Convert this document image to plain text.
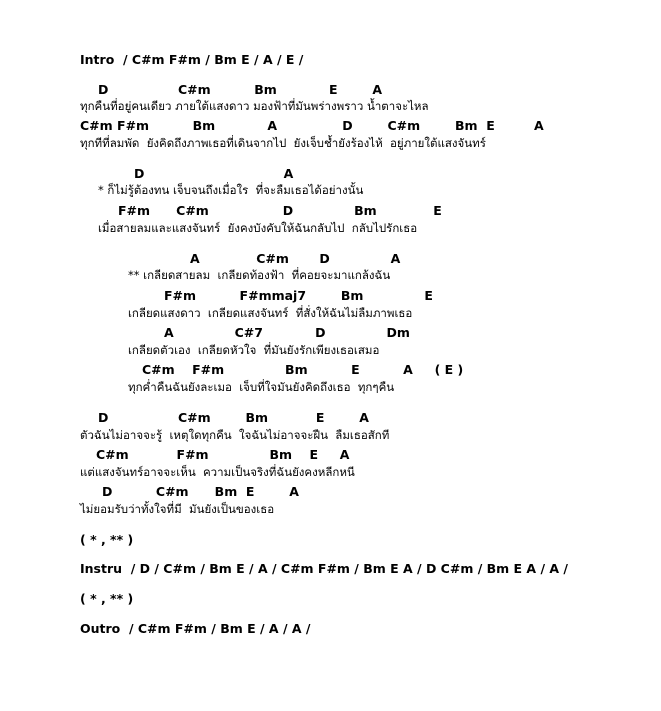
Intro  / C#m F#m / Bm E / A / E /
D                C#m          Bm            E        A
ทุกคืนที่อยู่คนเดียว ภายใต้แสงดาว มองฟ้าที่มันพร่างพราว น้ำตาจะไหล
C#m F#m          Bm            A               D        C#m        Bm  E         A
ทุกทีที่ลมพัด  ยังคิดถึงภาพเธอที่เดินจากไป  ยังเจ็บช้ำยังร้องไห้  อยู่ภายใต้แสงจันทร์
D                                A
* ก็ไม่รู้ต้องทน เจ็บจนถึงเมื่อใร  ที่จะลืมเธอได้อย่างนั้น
F#m      C#m                 D              Bm             E
เมื่อสายลมและแสงจันทร์  ยังคงบังคับให้ฉันกลับไป  กลับไปรักเธอ
A             C#m       D              A
** เกลียดสายลม  เกลียดท้องฟ้า  ที่คอยจะมาแกล้งฉัน
F#m          F#mmaj7        Bm              E
เกลียดแสงดาว  เกลียดแสงจันทร์  ที่สั่งให้ฉันไม่ลืมภาพเธอ
A              C#7            D              Dm
เกลียดตัวเอง  เกลียดหัวใจ  ที่มันยังรักเพียงเธอเสมอ
C#m    F#m              Bm          E          A     ( E )
ทุกค่ำคืนฉันยังละเมอ  เจ็บที่ใจมันยังคิดถึงเธอ  ทุกๆคืน
D                C#m        Bm           E        A
ตัวฉันไม่อาจจะรู้  เหตุใดทุกคืน  ใจฉันไม่อาจจะฝืน  ลืมเธอสักที
C#m           F#m              Bm    E     A
แต่แสงจันทร์อาจจะเห็น  ความเป็นจริงที่ฉันยังคงหลีกหนี
D          C#m      Bm  E        A
ไม่ยอมรับว่าทั้งใจที่มี  มันยังเป็นของเธอ
( * , ** )
Instru  / D / C#m / Bm E / A / C#m F#m / Bm E A / D C#m / Bm E A / A /
( * , ** )
Outro  / C#m F#m / Bm E / A / A /
